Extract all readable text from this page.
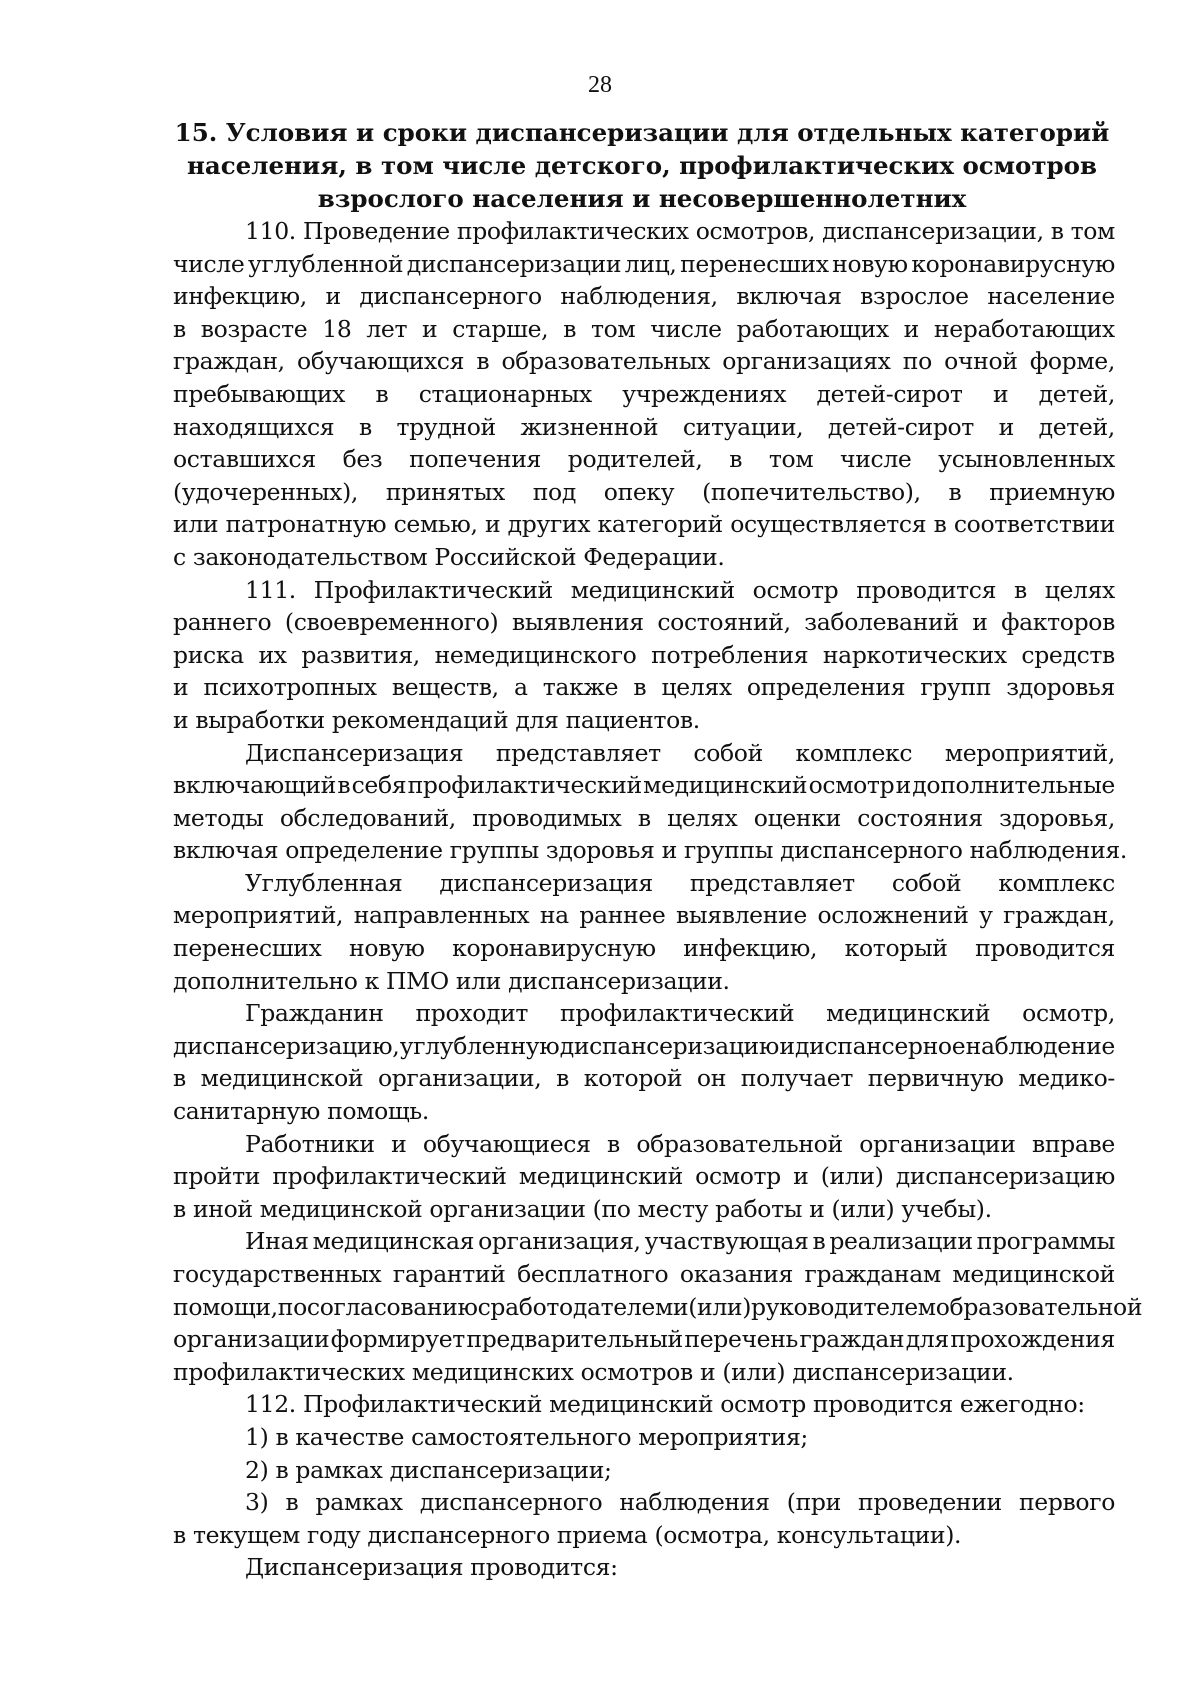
28
15. Условия и сроки диспансеризации для отдельных категорий
населения, в том числе детского, профилактических осмотров
взрослого населения и несовершеннолетних
110. Проведение профилактических осмотров, диспансеризации, в том
числе углубленной диспансеризации лиц, перенесших новую коронавирусную
инфекцию, и диспансерного наблюдения, включая взрослое население
в возрасте 18 лет и старше, в том числе работающих и неработающих
граждан, обучающихся в образовательных организациях по очной форме,
пребывающих в стационарных учреждениях детей-сирот и детей,
находящихся в трудной жизненной ситуации, детей-сирот и детей,
оставшихся без попечения родителей, в том числе усыновленных
(удочеренных), принятых под опеку (попечительство), в приемную
или патронатную семью, и других категорий осуществляется в соответствии
с законодательством Российской Федерации.
111. Профилактический медицинский осмотр проводится в целях
раннего (своевременного) выявления состояний, заболеваний и факторов
риска их развития, немедицинского потребления наркотических средств
и психотропных веществ, а также в целях определения групп здоровья
и выработки рекомендаций для пациентов.
Диспансеризация представляет собой комплекс мероприятий,
включающий в себя профилактический медицинский осмотр и дополнительные
методы обследований, проводимых в целях оценки состояния здоровья,
включая определение группы здоровья и группы диспансерного наблюдения.
Углубленная диспансеризация представляет собой комплекс
мероприятий, направленных на раннее выявление осложнений у граждан,
перенесших новую коронавирусную инфекцию, который проводится
дополнительно к ПМО или диспансеризации.
Гражданин проходит профилактический медицинский осмотр,
диспансеризацию, углубленную диспансеризацию и диспансерное наблюдение
в медицинской организации, в которой он получает первичную медико-
санитарную помощь.
Работники и обучающиеся в образовательной организации вправе
пройти профилактический медицинский осмотр и (или) диспансеризацию
в иной медицинской организации (по месту работы и (или) учебы).
Иная медицинская организация, участвующая в реализации программы
государственных гарантий бесплатного оказания гражданам медицинской
помощи, по согласованию с работодателем и (или) руководителем образовательной
организации формирует предварительный перечень граждан для прохождения
профилактических медицинских осмотров и (или) диспансеризации.
112. Профилактический медицинский осмотр проводится ежегодно:
1) в качестве самостоятельного мероприятия;
2) в рамках диспансеризации;
3) в рамках диспансерного наблюдения (при проведении первого
в текущем году диспансерного приема (осмотра, консультации).
Диспансеризация проводится:
